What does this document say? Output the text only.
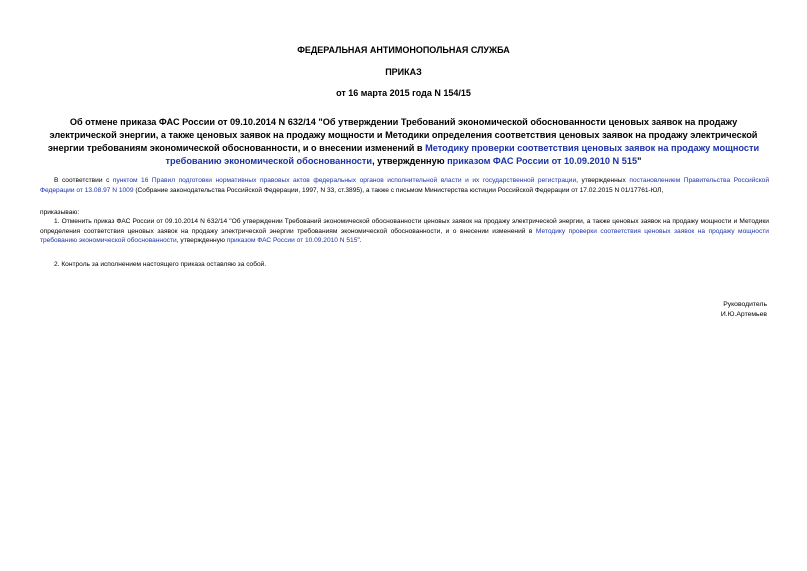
ФЕДЕРАЛЬНАЯ АНТИМОНОПОЛЬНАЯ СЛУЖБА
ПРИКАЗ
от 16 марта 2015 года N 154/15
Об отмене приказа ФАС России от 09.10.2014 N 632/14 "Об утверждении Требований экономической обоснованности ценовых заявок на продажу электрической энергии, а также ценовых заявок на продажу мощности и Методики определения соответствия ценовых заявок на продажу электрической энергии требованиям экономической обоснованности, и о внесении изменений в Методику проверки соответствия ценовых заявок на продажу мощности требованию экономической обоснованности, утвержденную приказом ФАС России от 10.09.2010 N 515"
В соответствии с пунктом 16 Правил подготовки нормативных правовых актов федеральных органов исполнительной власти и их государственной регистрации, утвержденных постановлением Правительства Российской Федерации от 13.08.97 N 1009 (Собрание законодательства Российской Федерации, 1997, N 33, ст.3895), а также с письмом Министерства юстиции Российской Федерации от 17.02.2015 N 01/17761-ЮЛ,
приказываю:
1. Отменить приказ ФАС России от 09.10.2014 N 632/14 "Об утверждении Требований экономической обоснованности ценовых заявок на продажу электрической энергии, а также ценовых заявок на продажу мощности и Методики определения соответствия ценовых заявок на продажу электрической энергии требованиям экономической обоснованности, и о внесении изменений в Методику проверки соответствия ценовых заявок на продажу мощности требованию экономической обоснованности, утвержденную приказом ФАС России от 10.09.2010 N 515".
2. Контроль за исполнением настоящего приказа оставляю за собой.
Руководитель
И.Ю.Артемьев
